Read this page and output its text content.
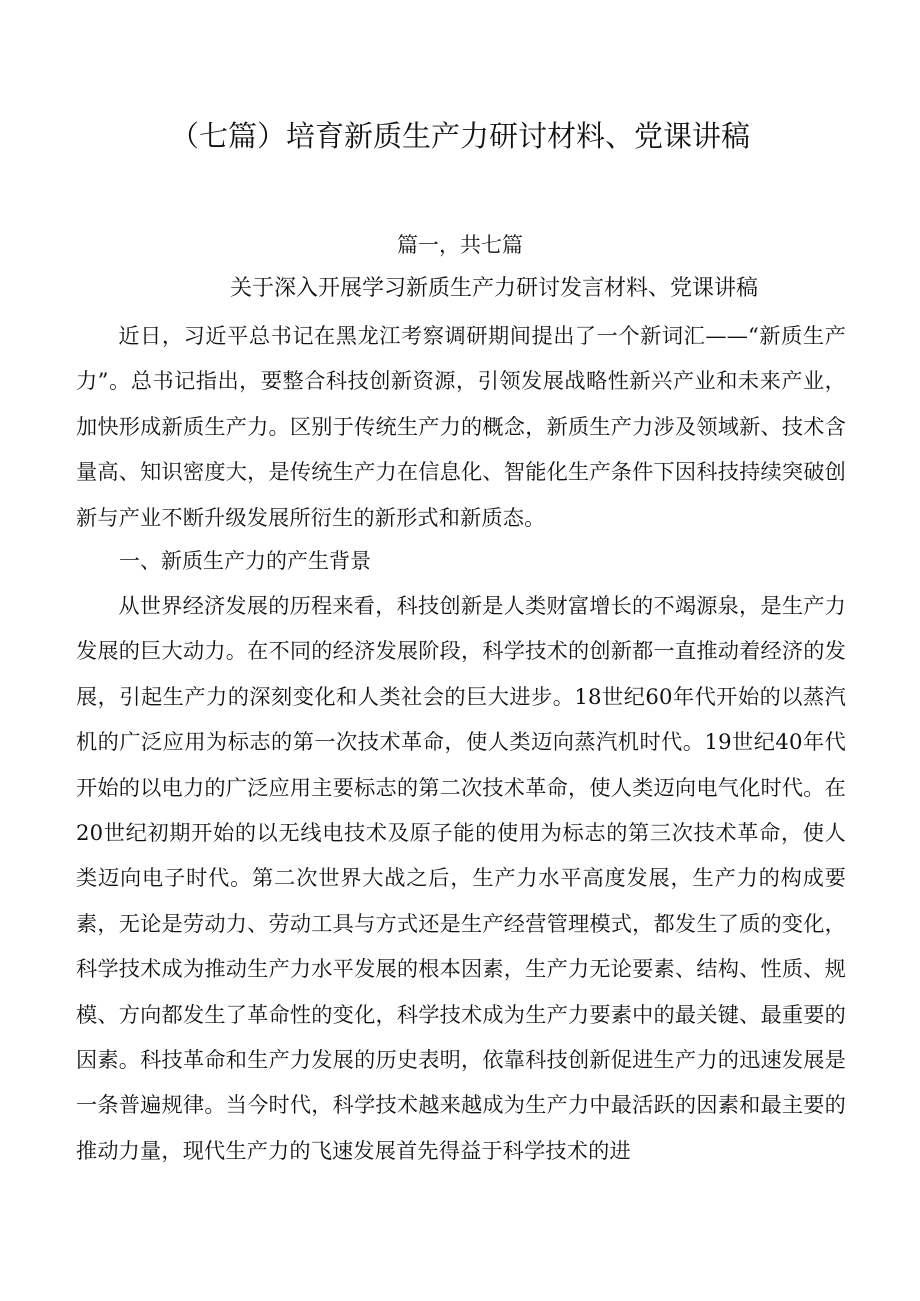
（七篇）培育新质生产力研讨材料、党课讲稿
篇一，共七篇
关于深入开展学习新质生产力研讨发言材料、党课讲稿
近日，习近平总书记在黑龙江考察调研期间提出了一个新词汇——“新质生产力”。总书记指出，要整合科技创新资源，引领发展战略性新兴产业和未来产业，加快形成新质生产力。区别于传统生产力的概念，新质生产力涉及领域新、技术含量高、知识密度大，是传统生产力在信息化、智能化生产条件下因科技持续突破创新与产业不断升级发展所衍生的新形式和新质态。
一、新质生产力的产生背景
从世界经济发展的历程来看，科技创新是人类财富增长的不竭源泉，是生产力发展的巨大动力。在不同的经济发展阶段，科学技术的创新都一直推动着经济的发展，引起生产力的深刻变化和人类社会的巨大进步。18世纪60年代开始的以蒸汽机的广泛应用为标志的第一次技术革命，使人类迈向蒸汽机时代。19世纪40年代开始的以电力的广泛应用主要标志的第二次技术革命，使人类迈向电气化时代。在20世纪初期开始的以无线电技术及原子能的使用为标志的第三次技术革命，使人类迈向电子时代。第二次世界大战之后，生产力水平高度发展，生产力的构成要素，无论是劳动力、劳动工具与方式还是生产经营管理模式，都发生了质的变化，科学技术成为推动生产力水平发展的根本因素，生产力无论要素、结构、性质、规模、方向都发生了革命性的变化，科学技术成为生产力要素中的最关键、最重要的因素。科技革命和生产力发展的历史表明，依靠科技创新促进生产力的迅速发展是一条普遍规律。当今时代，科学技术越来越成为生产力中最活跃的因素和最主要的推动力量，现代生产力的飞速发展首先得益于科学技术的进
